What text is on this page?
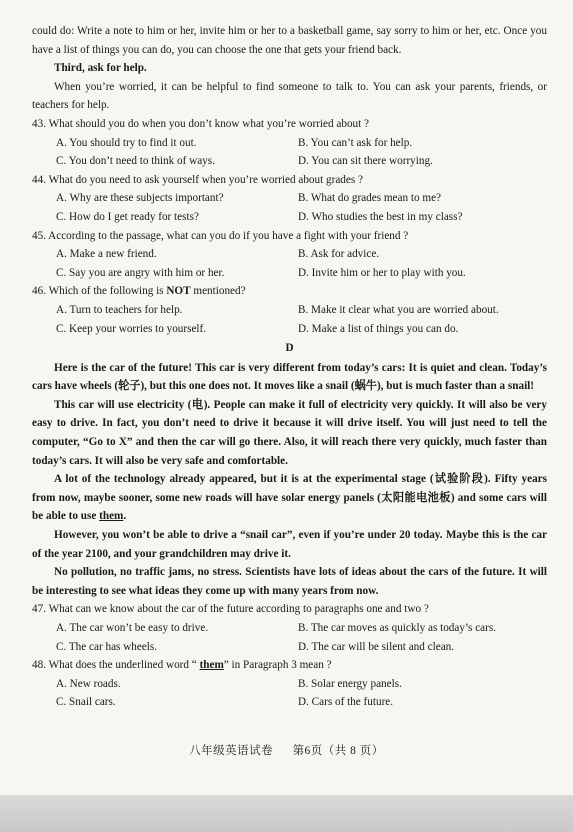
could do: Write a note to him or her, invite him or her to a basketball game, say sorry to him or her, etc. Once you have a list of things you can do, you can choose the one that gets your friend back.

Third, ask for help.

When you’re worried, it can be helpful to find someone to talk to. You can ask your parents, friends, or teachers for help.

43. What should you do when you don’t know what you’re worried about ?

A. You should try to find it out.	B. You can’t ask for help.
C. You don’t need to think of ways.	D. You can sit there worrying.

44. What do you need to ask yourself when you’re worried about grades ?

A. Why are these subjects important?	B. What do grades mean to me?
C. How do I get ready for tests?	D. Who studies the best in my class?

45. According to the passage, what can you do if you have a fight with your friend ?

A. Make a new friend.	B. Ask for advice.
C. Say you are angry with him or her.	D. Invite him or her to play with you.

46. Which of the following is NOT mentioned?

A. Turn to teachers for help.	B. Make it clear what you are worried about.
C. Keep your worries to yourself.	D. Make a list of things you can do.

D

Here is the car of the future! This car is very different from today’s cars: It is quiet and clean. Today’s cars have wheels (轮子), but this one does not. It moves like a snail (蜗牛), but is much faster than a snail!

This car will use electricity (电). People can make it full of electricity very quickly. It will also be very easy to drive. In fact, you don’t need to drive it because it will drive itself. You will just need to tell the computer, “Go to X” and then the car will go there. Also, it will reach there very quickly, much faster than today’s cars. It will also be very safe and comfortable.

A lot of the technology already appeared, but it is at the experimental stage (试验阶段). Fifty years from now, maybe sooner, some new roads will have solar energy panels (太阳能电池板) and some cars will be able to use them.

However, you won’t be able to drive a “snail car”, even if you’re under 20 today. Maybe this is the car of the year 2100, and your grandchildren may drive it.

No pollution, no traffic jams, no stress. Scientists have lots of ideas about the cars of the future. It will be interesting to see what ideas they come up with many years from now.

47. What can we know about the car of the future according to paragraphs one and two ?

A. The car won’t be easy to drive.	B. The car moves as quickly as today’s cars.
C. The car has wheels.	D. The car will be silent and clean.

48. What does the underlined word “ them” in Paragraph 3 mean ?

A. New roads.	B. Solar energy panels.
C. Snail cars.	D. Cars of the future.
八年级英语试卷 第6页（共 8 页）
